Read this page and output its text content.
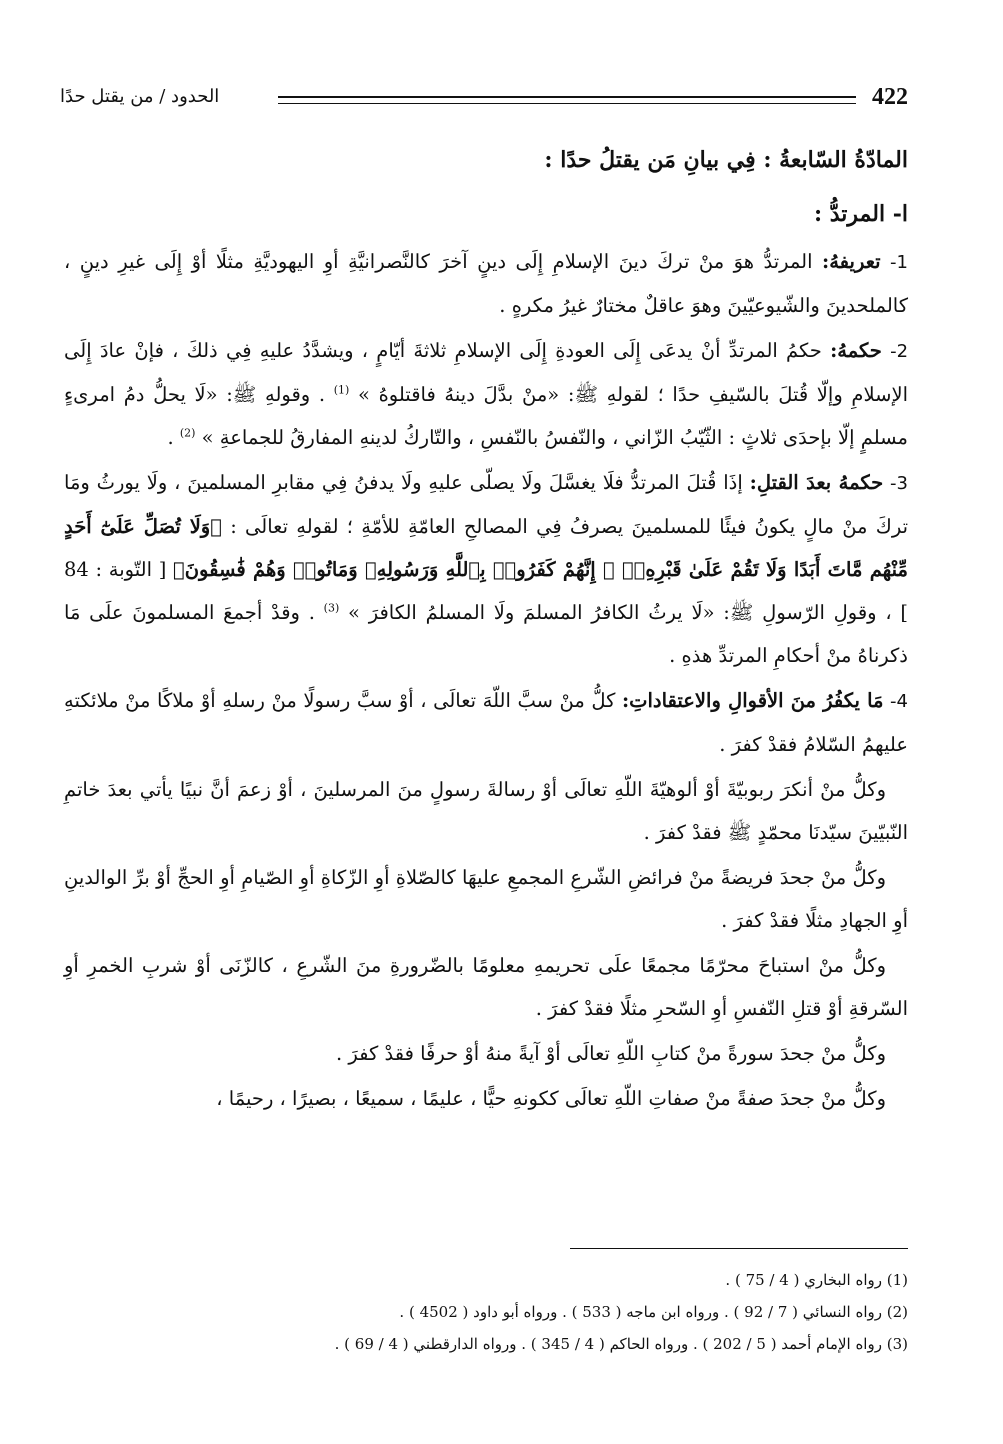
422
الحدود / من يقتل حدًا

المادّةُ السّابعةُ : فِي بيانِ مَن يقتلُ حدًا :

ا- المرتدُّ :

1- تعريفهُ: المرتدُّ هوَ منْ تركَ دينَ الإسلامِ إِلَى دينٍ آخرَ كالنَّصرانيَّةِ أوِ اليهوديَّةِ مثلًا أوْ إِلَى غيرِ دينٍ ، كالملحدينَ والشّيوعيّينَ وهوَ عاقلٌ مختارٌ غيرُ مكرهٍ .

2- حكمهُ: حكمُ المرتدِّ أنْ يدعَى إِلَى العودةِ إِلَى الإسلامِ ثلاثةَ أيّامٍ ، ويشدَّدُ عليهِ فِي ذلكَ ، فإنْ عادَ إِلَى الإسلامِ وإلّا قُتلَ بالسّيفِ حدًا ؛ لقولهِ ﷺ: «منْ بدَّلَ دينهُ فاقتلوهُ » $^{(1)}$ . وقولهِ ﷺ: «لَا يحلُّ دمُ امرىءٍ مسلمٍ إلّا بإحدَى ثلاثٍ : الثّيّبُ الزّاني ، والنّفسُ بالنّفسِ ، والتّاركُ لدينهِ المفارقُ للجماعةِ » $^{(2)}$ .

3- حكمهُ بعدَ القتلِ: إذَا قُتلَ المرتدُّ فلَا يغسَّلَ ولَا يصلّى عليهِ ولَا يدفنُ فِي مقابرِ المسلمينَ ، ولَا يورثُ ومَا تركَ منْ مالٍ يكونُ فيئًا للمسلمينَ يصرفُ فِي المصالحِ العامّةِ للأمّةِ ؛ لقولهِ تعالَى : ﴿وَلَا تُصَلِّ عَلَىٰٓ أَحَدٍ مِّنْهُم مَّاتَ أَبَدًا وَلَا تَقُمْ عَلَىٰ قَبْرِهِۦٓ ۖ إِنَّهُمْ كَفَرُوا۟ بِٱللَّهِ وَرَسُولِهِۦ وَمَاتُوا۟ وَهُمْ فَٰسِقُونَ﴾ [ التّوبة : 84 ] ، وقولِ الرّسولِ ﷺ: «لَا يرثُ الكافرُ المسلمَ ولَا المسلمُ الكافرَ » $^{(3)}$ . وقدْ أجمعَ المسلمونَ علَى مَا ذكرناهُ منْ أحكامِ المرتدِّ هذهِ .

4- مَا يكفُرُ منَ الأقوالِ والاعتقاداتِ: كلُّ منْ سبَّ اللّهَ تعالَى ، أوْ سبَّ رسولًا منْ رسلهِ أوْ ملاكًا منْ ملائكتهِ عليهمُ السّلامُ فقدْ كفرَ .

وكلُّ منْ أنكرَ ربوبيّةَ أوْ ألوهيّةَ اللّهِ تعالَى أوْ رسالةَ رسولٍ منَ المرسلينَ ، أوْ زعمَ أنَّ نبيًا يأتي بعدَ خاتمِ النّبيّينَ سيّدنَا محمّدٍ ﷺ فقدْ كفرَ .

وكلُّ منْ جحدَ فريضةً منْ فرائضِ الشّرعِ المجمعِ عليهَا كالصّلاةِ أوِ الزّكاةِ أوِ الصّيامِ أوِ الحجِّ أوْ برِّ الوالدينِ أوِ الجهادِ مثلًا فقدْ كفرَ .

وكلُّ منْ استباحَ محرّمًا مجمعًا علَى تحريمهِ معلومًا بالضّرورةِ منَ الشّرعِ ، كالزّنَى أوْ شربِ الخمرِ أوِ السّرقةِ أوْ قتلِ النّفسِ أوِ السّحرِ مثلًا فقدْ كفرَ .

وكلُّ منْ جحدَ سورةً منْ كتابِ اللّهِ تعالَى أوْ آيةً منهُ أوْ حرفًا فقدْ كفرَ .

وكلُّ منْ جحدَ صفةً منْ صفاتِ اللّهِ تعالَى ككونهِ حيًّا ، عليمًا ، سميعًا ، بصيرًا ، رحيمًا ،

(1) رواه البخاري ( 4 / 75 ) .

(2) رواه النسائي ( 7 / 92 ) . ورواه ابن ماجه ( 533 ) . ورواه أبو داود ( 4502 ) .

(3) رواه الإمام أحمد ( 5 / 202 ) . ورواه الحاكم ( 4 / 345 ) . ورواه الدارقطني ( 4 / 69 ) .
